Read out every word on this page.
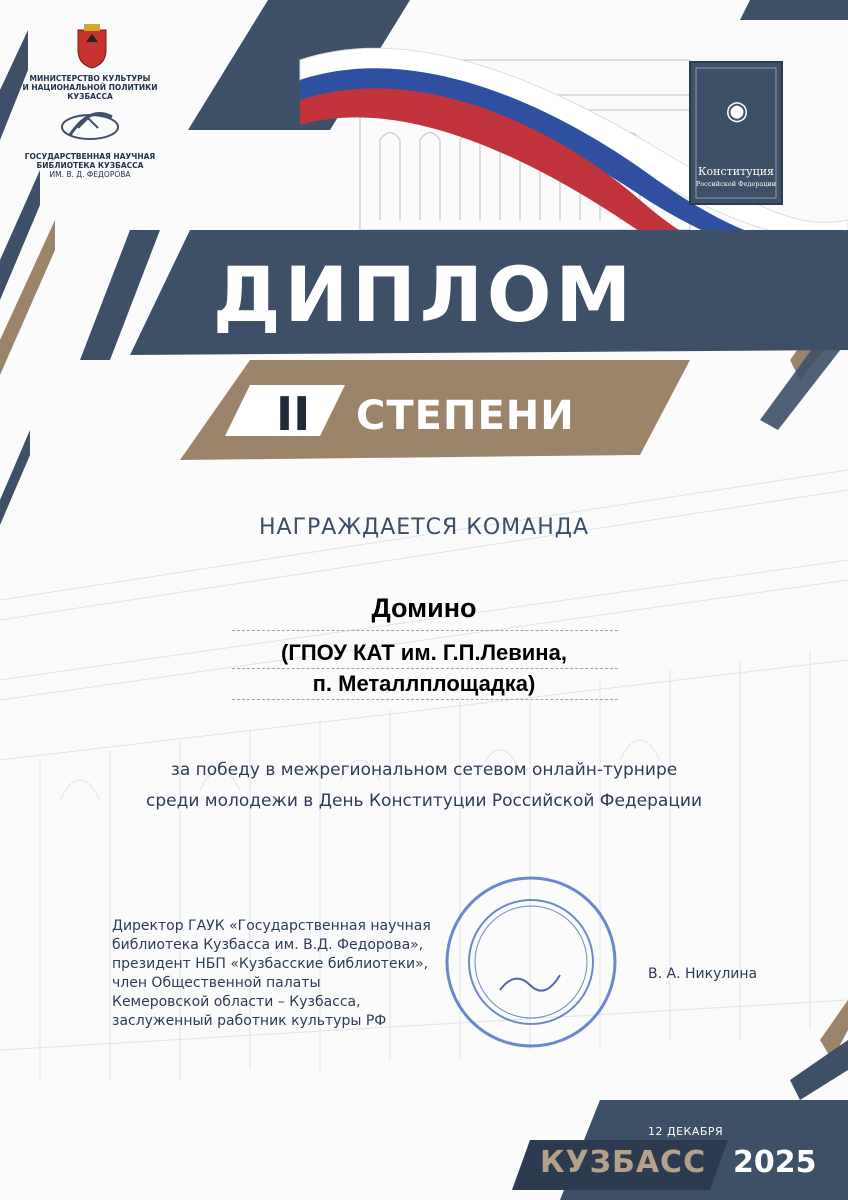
МИНИСТЕРСТВО КУЛЬТУРЫ
И НАЦИОНАЛЬНОЙ ПОЛИТИКИ
КУЗБАССА
ГОСУДАРСТВЕННАЯ НАУЧНАЯ
БИБЛИОТЕКА КУЗБАССА
ИМ. В. Д. ФЕДОРОВА
◉
Конституция
Российской Федерации
ДИПЛОМ
II СТЕПЕНИ
НАГРАЖДАЕТСЯ КОМАНДА
Домино
(ГПОУ КАТ им. Г.П.Левина,
п. Металлплощадка)
за победу в межрегиональном сетевом онлайн-турнире
среди молодежи в День Конституции Российской Федерации
Директор ГАУК «Государственная научная
библиотека Кузбасса им. В.Д. Федорова»,
президент НБП «Кузбасские библиотеки»,
член Общественной палаты
Кемеровской области – Кузбасса,
заслуженный работник культуры РФ
В. А. Никулина
12 ДЕКАБРЯ
КУЗБАСС 2025
